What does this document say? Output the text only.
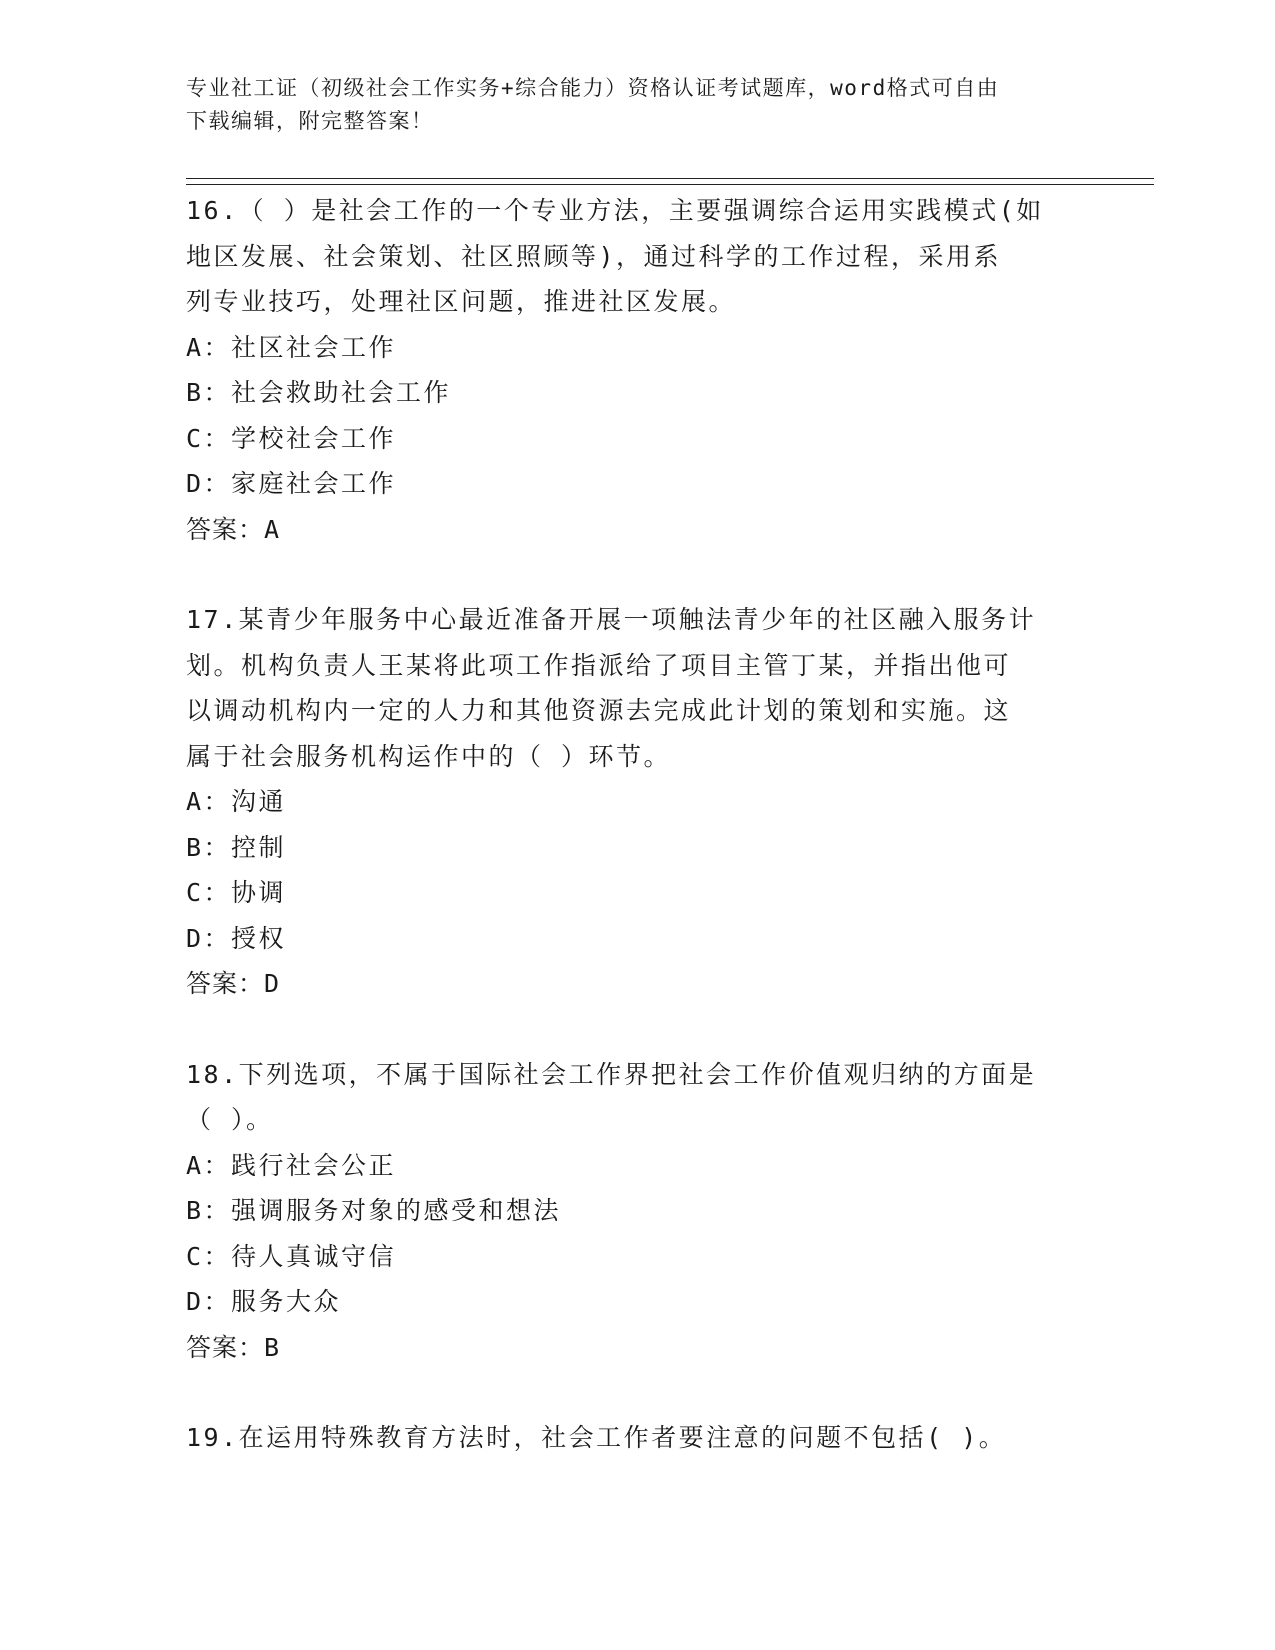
专业社工证（初级社会工作实务+综合能力）资格认证考试题库，word格式可自由
下载编辑，附完整答案！

16.（ ）是社会工作的一个专业方法，主要强调综合运用实践模式(如

地区发展、社会策划、社区照顾等)，通过科学的工作过程，采用系

列专业技巧，处理社区问题，推进社区发展。

A：社区社会工作

B：社会救助社会工作

C：学校社会工作

D：家庭社会工作

答案：A

17.某青少年服务中心最近准备开展一项触法青少年的社区融入服务计

划。机构负责人王某将此项工作指派给了项目主管丁某，并指出他可

以调动机构内一定的人力和其他资源去完成此计划的策划和实施。这

属于社会服务机构运作中的（ ）环节。

A：沟通

B：控制

C：协调

D：授权

答案：D

18.下列选项，不属于国际社会工作界把社会工作价值观归纳的方面是

（ ）。

A：践行社会公正

B：强调服务对象的感受和想法

C：待人真诚守信

D：服务大众

答案：B

19.在运用特殊教育方法时，社会工作者要注意的问题不包括( )。
